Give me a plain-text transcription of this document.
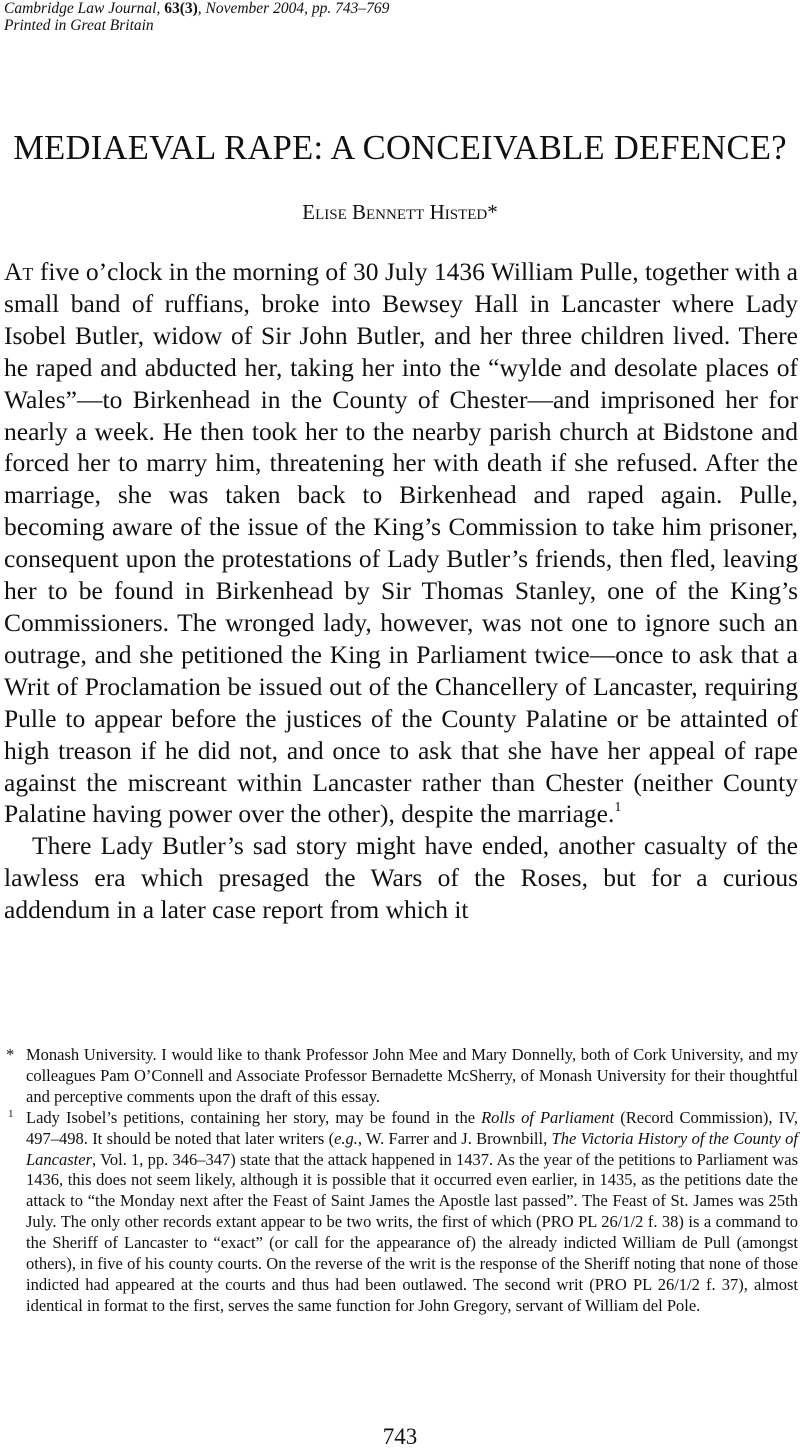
Cambridge Law Journal, 63(3), November 2004, pp. 743–769
Printed in Great Britain
MEDIAEVAL RAPE: A CONCEIVABLE DEFENCE?
Elise Bennett Histed*

At five o’clock in the morning of 30 July 1436 William Pulle, together with a small band of ruffians, broke into Bewsey Hall in Lancaster where Lady Isobel Butler, widow of Sir John Butler, and her three children lived. There he raped and abducted her, taking her into the “wylde and desolate places of Wales”—to Birkenhead in the County of Chester—and imprisoned her for nearly a week. He then took her to the nearby parish church at Bidstone and forced her to marry him, threatening her with death if she refused. After the marriage, she was taken back to Birkenhead and raped again. Pulle, becoming aware of the issue of the King’s Commission to take him prisoner, consequent upon the protestations of Lady Butler’s friends, then fled, leaving her to be found in Birkenhead by Sir Thomas Stanley, one of the King’s Commissioners. The wronged lady, however, was not one to ignore such an outrage, and she petitioned the King in Parliament twice—once to ask that a Writ of Proclamation be issued out of the Chancellery of Lancaster, requiring Pulle to appear before the justices of the County Palatine or be attainted of high treason if he did not, and once to ask that she have her appeal of rape against the miscreant within Lancaster rather than Chester (neither County Palatine having power over the other), despite the marriage.$^1$

There Lady Butler’s sad story might have ended, another casualty of the lawless era which presaged the Wars of the Roses, but for a curious addendum in a later case report from which it

* Monash University. I would like to thank Professor John Mee and Mary Donnelly, both of Cork University, and my colleagues Pam O’Connell and Associate Professor Bernadette McSherry, of Monash University for their thoughtful and perceptive comments upon the draft of this essay.

1 Lady Isobel’s petitions, containing her story, may be found in the Rolls of Parliament (Record Commission), IV, 497–498. It should be noted that later writers (e.g., W. Farrer and J. Brownbill, The Victoria History of the County of Lancaster, Vol. 1, pp. 346–347) state that the attack happened in 1437. As the year of the petitions to Parliament was 1436, this does not seem likely, although it is possible that it occurred even earlier, in 1435, as the petitions date the attack to “the Monday next after the Feast of Saint James the Apostle last passed”. The Feast of St. James was 25th July. The only other records extant appear to be two writs, the first of which (PRO PL 26/1/2 f. 38) is a command to the Sheriff of Lancaster to “exact” (or call for the appearance of) the already indicted William de Pull (amongst others), in five of his county courts. On the reverse of the writ is the response of the Sheriff noting that none of those indicted had appeared at the courts and thus had been outlawed. The second writ (PRO PL 26/1/2 f. 37), almost identical in format to the first, serves the same function for John Gregory, servant of William del Pole.

743
